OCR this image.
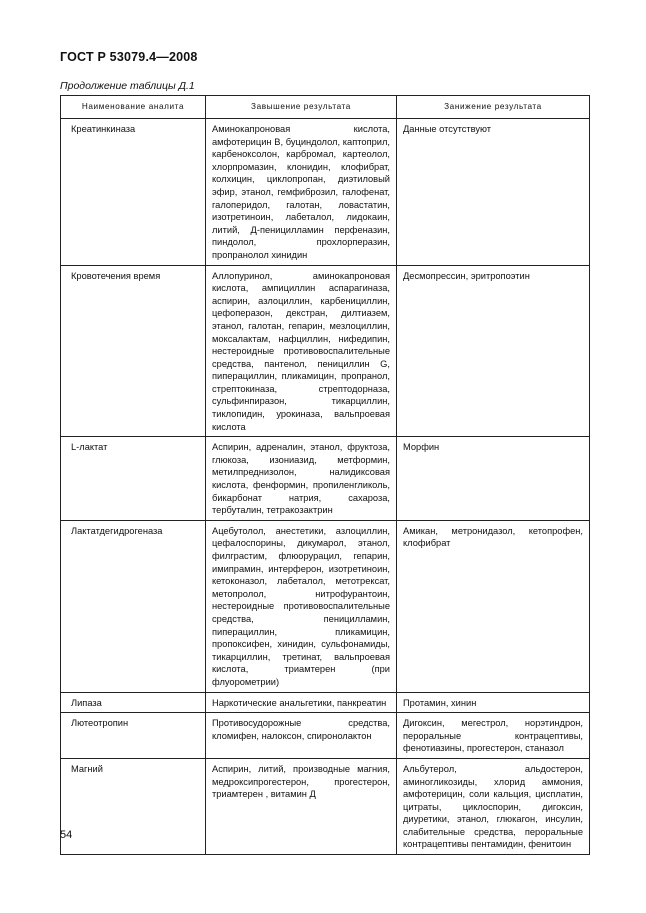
ГОСТ Р 53079.4—2008
Продолжение таблицы Д.1
Наименование аналита	Завышение результата	Занижение результата
Креатинкиназа	Аминокапроновая кислота, амфотерицин В, буциндолол, каптоприл, карбеноксолон, карбромал, картеолол, хлорпромазин, клонидин, клофибрат, колхицин, циклопропан, диэтиловый эфир, этанол, гемфиброзил, галофенат, галоперидол, галотан, ловастатин, изотретиноин, лабеталол, лидокаин, литий, Д-пеницилламин перфеназин, пиндолол, прохлорперазин, пропранолол хинидин	Данные отсутствуют
Кровотечения время	Аллопуринол, аминокапроновая кислота, ампициллин аспарагиназа, аспирин, азлоциллин, карбенициллин, цефоперазон, декстран, дилтиазем, этанол, галотан, гепарин, мезлоциллин, моксалактам, нафциллин, нифедипин, нестероидные противовоспалительные средства, пантенол, пенициллин G, пиперациллин, пликамицин, пропранол, стрептокиназа, стрептодорназа, сульфинпиразон, тикарциллин, тиклопидин, урокиназа, вальпроевая кислота	Десмопрессин, эритропоэтин
L-лактат	Аспирин, адреналин, этанол, фруктоза, глюкоза, изониазид, метформин, метилпреднизолон, налидиксовая кислота, фенформин, пропиленгликоль, бикарбонат натрия, сахароза, тербуталин, тетракозактрин	Морфин
Лактатдегидрогеназа	Ацебутолол, анестетики, азлоциллин, цефалоспорины, дикумарол, этанол, филграстим, флюорурацил, гепарин, имипрамин, интерферон, изотретиноин, кетоконазол, лабеталол, метотрексат, метопролол, нитрофурантоин, нестероидные противовоспалительные средства, пеницилламин, пиперациллин, пликамицин, пропоксифен, хинидин, сульфонамиды, тикарциллин, третинат, вальпроевая кислота, триамтерен (при флуорометрии)	Амикан, метронидазол, кетопрофен, клофибрат
Липаза	Наркотические анальгетики, панкреатин	Протамин, хинин
Лютеотропин	Противосудорожные средства, кломифен, налоксон, спиронолактон	Дигоксин, мегестрол, норэтиндрон, пероральные контрацептивы, фенотиазины, прогестерон, станазол
Магний	Аспирин, литий, производные магния, медроксипрогестерон, прогестерон, триамтерен , витамин Д	Альбутерол, альдостерон, аминогликозиды, хлорид аммония, амфотерицин, соли кальция, цисплатин, цитраты, циклоспорин, дигоксин, диуретики, этанол, глюкагон, инсулин, слабительные средства, пероральные контрацептивы пентамидин, фенитоин
54
